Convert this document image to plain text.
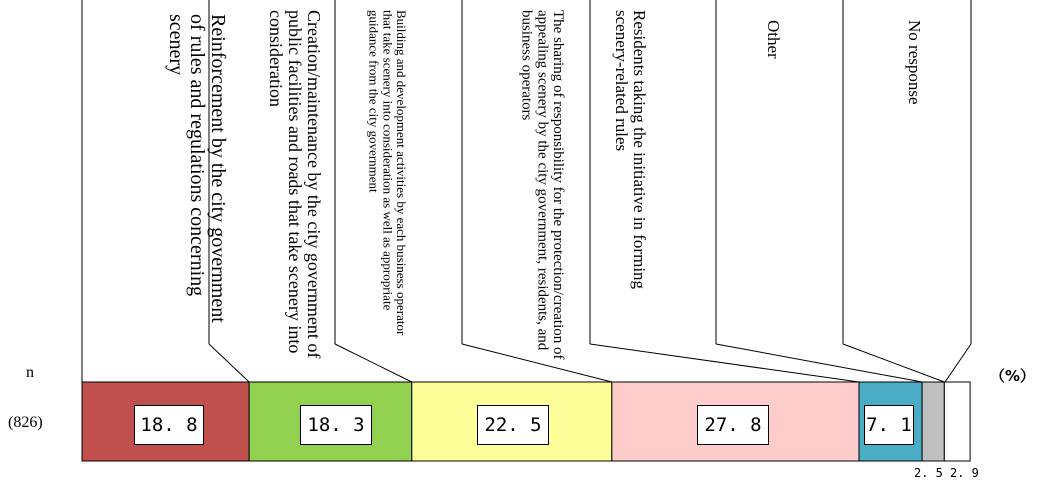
n
(826)
（%）
Reinforcement by the city government of rules and regulations concerning scenery	Creation/maintenance by the city government of public facilities and roads that take scenery into consideration	Building and development activities by each business operator that take scenery into consideration as well as appropriate guidance from the city government	The sharing of responsibility for the protection/creation of appealing scenery by the city government, residents, and business operators	Residents taking the initiative in forming scenery-related rules	Other	No response
18. 8	18. 3	22. 5	27. 8	7. 1
2. 5 2. 9
